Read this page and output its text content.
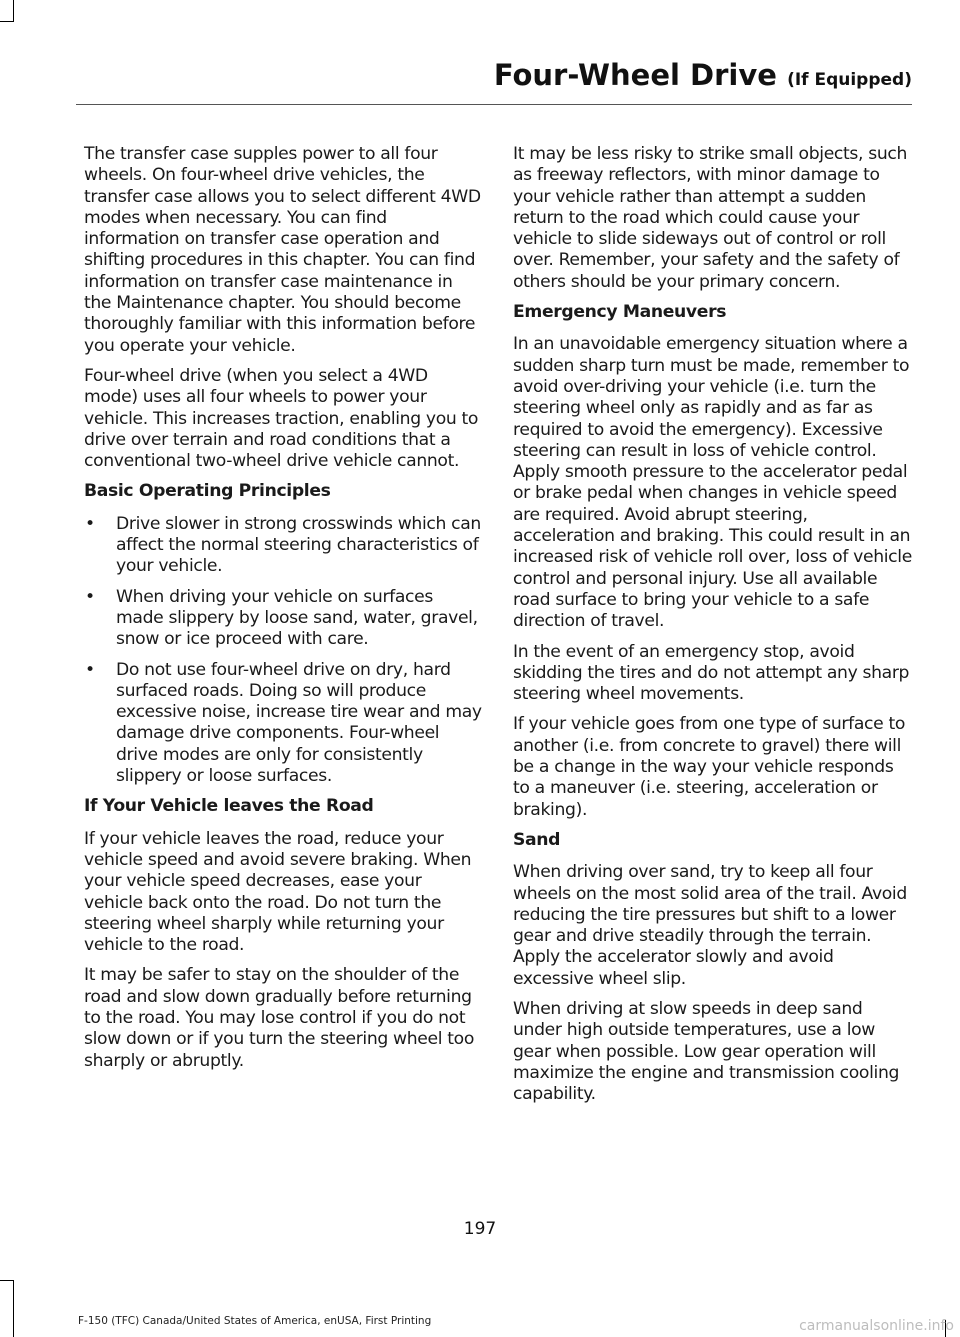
Four-Wheel Drive (If Equipped)

The transfer case supples power to all four wheels. On four-wheel drive vehicles, the transfer case allows you to select different 4WD modes when necessary. You can find information on transfer case operation and shifting procedures in this chapter. You can find information on transfer case maintenance in the Maintenance chapter. You should become thoroughly familiar with this information before you operate your vehicle.

Four-wheel drive (when you select a 4WD mode) uses all four wheels to power your vehicle. This increases traction, enabling you to drive over terrain and road conditions that a conventional two-wheel drive vehicle cannot.

Basic Operating Principles
• Drive slower in strong crosswinds which can affect the normal steering characteristics of your vehicle.
• When driving your vehicle on surfaces made slippery by loose sand, water, gravel, snow or ice proceed with care.
• Do not use four-wheel drive on dry, hard surfaced roads. Doing so will produce excessive noise, increase tire wear and may damage drive components. Four-wheel drive modes are only for consistently slippery or loose surfaces.
If Your Vehicle leaves the Road

If your vehicle leaves the road, reduce your vehicle speed and avoid severe braking. When your vehicle speed decreases, ease your vehicle back onto the road. Do not turn the steering wheel sharply while returning your vehicle to the road.

It may be safer to stay on the shoulder of the road and slow down gradually before returning to the road. You may lose control if you do not slow down or if you turn the steering wheel too sharply or abruptly.

It may be less risky to strike small objects, such as freeway reflectors, with minor damage to your vehicle rather than attempt a sudden return to the road which could cause your vehicle to slide sideways out of control or roll over. Remember, your safety and the safety of others should be your primary concern.

Emergency Maneuvers

In an unavoidable emergency situation where a sudden sharp turn must be made, remember to avoid over-driving your vehicle (i.e. turn the steering wheel only as rapidly and as far as required to avoid the emergency). Excessive steering can result in loss of vehicle control. Apply smooth pressure to the accelerator pedal or brake pedal when changes in vehicle speed are required. Avoid abrupt steering, acceleration and braking. This could result in an increased risk of vehicle roll over, loss of vehicle control and personal injury. Use all available road surface to bring your vehicle to a safe direction of travel.

In the event of an emergency stop, avoid skidding the tires and do not attempt any sharp steering wheel movements.

If your vehicle goes from one type of surface to another (i.e. from concrete to gravel) there will be a change in the way your vehicle responds to a maneuver (i.e. steering, acceleration or braking).

Sand

When driving over sand, try to keep all four wheels on the most solid area of the trail. Avoid reducing the tire pressures but shift to a lower gear and drive steadily through the terrain. Apply the accelerator slowly and avoid excessive wheel slip.

When driving at slow speeds in deep sand under high outside temperatures, use a low gear when possible. Low gear operation will maximize the engine and transmission cooling capability.

197
F-150 (TFC) Canada/United States of America, enUSA, First Printing	carmanualsonline.info
